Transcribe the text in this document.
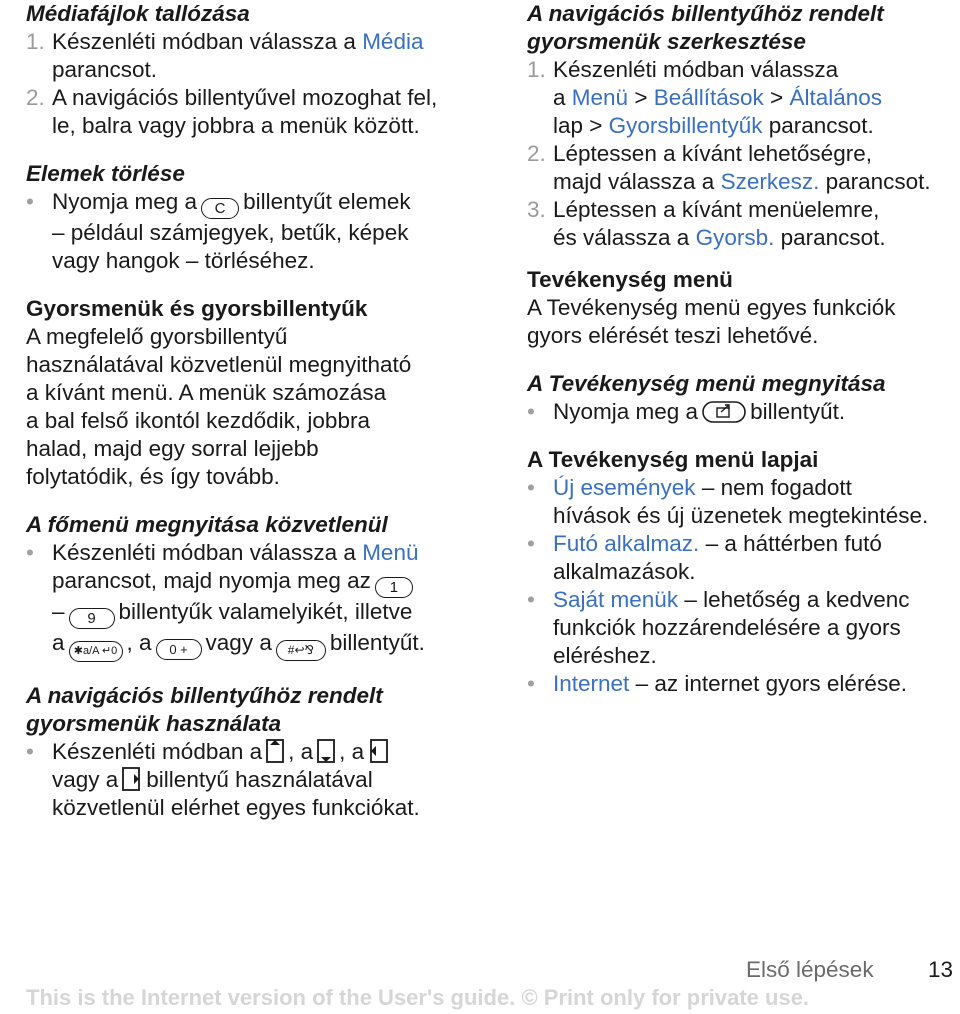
Médiafájlok tallózása
1. Készenléti módban válassza a Média
parancsot.
2. A navigációs billentyűvel mozoghat fel,
le, balra vagy jobbra a menük között.
Elemek törlése
• Nyomja meg a C billentyűt elemek
– például számjegyek, betűk, képek
vagy hangok – törléséhez.
Gyorsmenük és gyorsbillentyűk
A megfelelő gyorsbillentyű
használatával közvetlenül megnyitható
a kívánt menü. A menük számozása
a bal felső ikontól kezdődik, jobbra
halad, majd egy sorral lejjebb
folytatódik, és így tovább.
A főmenü megnyitása közvetlenül
• Készenléti módban válassza a Menü
parancsot, majd nyomja meg az 1
– 9 billentyűk valamelyikét, illetve
a ✱a/A ↵0 , a 0 + vagy a #↩⅋ billentyűt.
A navigációs billentyűhöz rendelt
gyorsmenük használata
• Készenléti módban a , a , a
vagy a billentyű használatával
közvetlenül elérhet egyes funkciókat.
A navigációs billentyűhöz rendelt
gyorsmenük szerkesztése
1. Készenléti módban válassza
a Menü > Beállítások > Általános
lap > Gyorsbillentyűk parancsot.
2. Léptessen a kívánt lehetőségre,
majd válassza a Szerkesz. parancsot.
3. Léptessen a kívánt menüelemre,
és válassza a Gyorsb. parancsot.
Tevékenység menü
A Tevékenység menü egyes funkciók
gyors elérését teszi lehetővé.
A Tevékenység menü megnyitása
• Nyomja meg a billentyűt.
A Tevékenység menü lapjai
• Új események – nem fogadott
hívások és új üzenetek megtekintése.
• Futó alkalmaz. – a háttérben futó
alkalmazások.
• Saját menük – lehetőség a kedvenc
funkciók hozzárendelésére a gyors
eléréshez.
• Internet – az internet gyors elérése.
Első lépések 13
This is the Internet version of the User's guide. © Print only for private use.
